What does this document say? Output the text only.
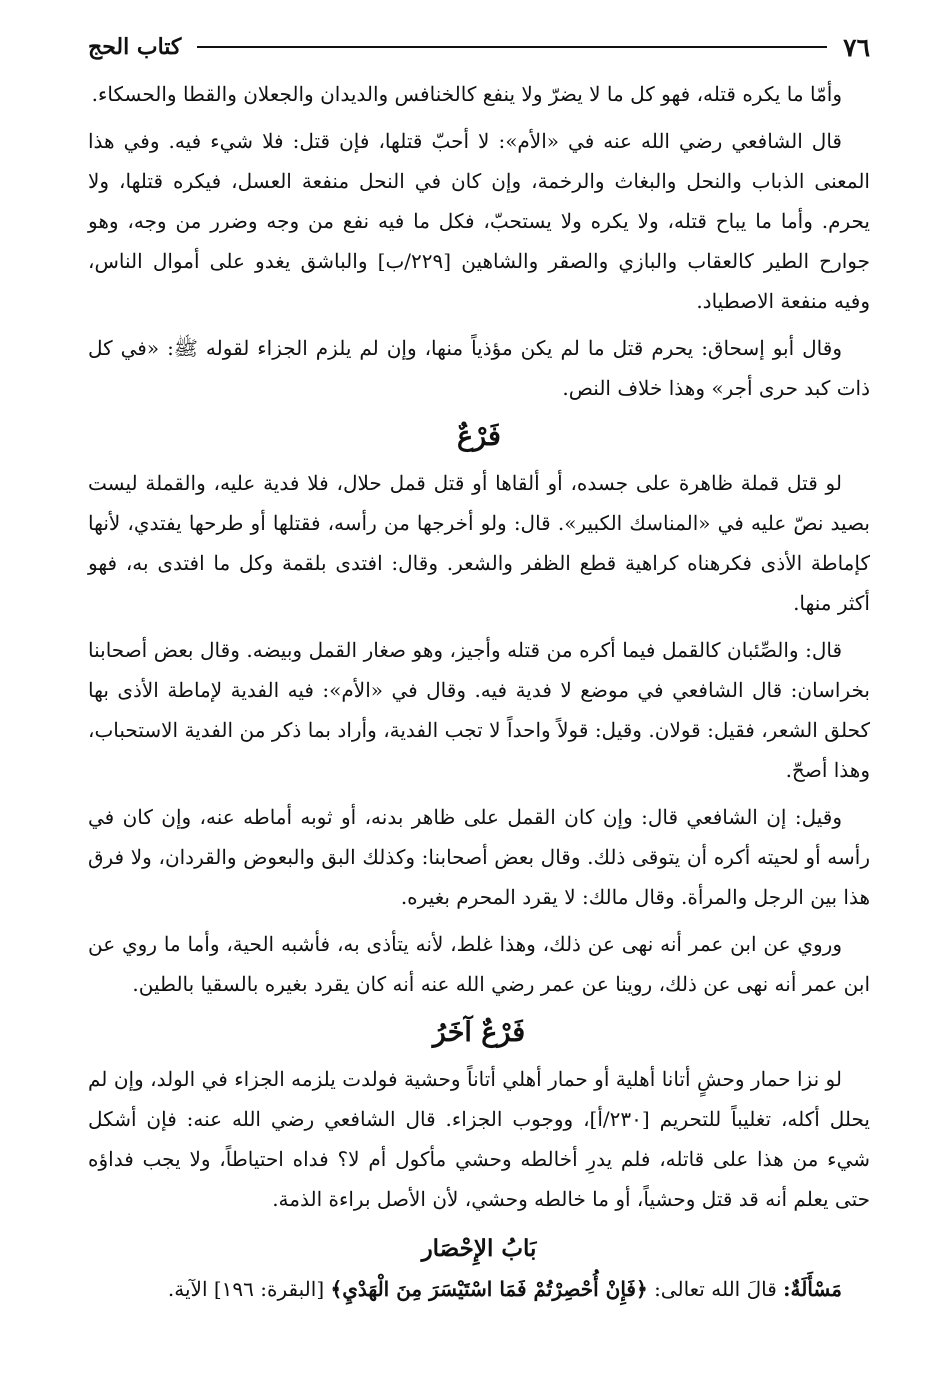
٧٦
كتاب الحج

وأمّا ما يكره قتله، فهو كل ما لا يضرّ ولا ينفع كالخنافس والديدان والجعلان والقطا والحسكاء.

قال الشافعي رضي الله عنه في «الأم»: لا أحبّ قتلها، فإن قتل: فلا شيء فيه. وفي هذا المعنى الذباب والنحل والبغاث والرخمة، وإن كان في النحل منفعة العسل، فيكره قتلها، ولا يحرم. وأما ما يباح قتله، ولا يكره ولا يستحبّ، فكل ما فيه نفع من وجه وضرر من وجه، وهو جوارح الطير كالعقاب والبازي والصقر والشاهين [٢٢٩/ب] والباشق يغدو على أموال الناس، وفيه منفعة الاصطياد.

وقال أبو إسحاق: يحرم قتل ما لم يكن مؤذياً منها، وإن لم يلزم الجزاء لقوله ﷺ: «في كل ذات كبد حرى أجر» وهذا خلاف النص.

فَرْعٌ

لو قتل قملة ظاهرة على جسده، أو ألقاها أو قتل قمل حلال، فلا فدية عليه، والقملة ليست بصيد نصّ عليه في «المناسك الكبير». قال: ولو أخرجها من رأسه، فقتلها أو طرحها يفتدي، لأنها كإماطة الأذى فكرهناه كراهية قطع الظفر والشعر. وقال: افتدى بلقمة وكل ما افتدى به، فهو أكثر منها.

قال: والصِّئبان كالقمل فيما أكره من قتله وأجيز، وهو صغار القمل وبيضه. وقال بعض أصحابنا بخراسان: قال الشافعي في موضع لا فدية فيه. وقال في «الأم»: فيه الفدية لإماطة الأذى بها كحلق الشعر، فقيل: قولان. وقيل: قولاً واحداً لا تجب الفدية، وأراد بما ذكر من الفدية الاستحباب، وهذا أصحّ.

وقيل: إن الشافعي قال: وإن كان القمل على ظاهر بدنه، أو ثوبه أماطه عنه، وإن كان في رأسه أو لحيته أكره أن يتوقى ذلك. وقال بعض أصحابنا: وكذلك البق والبعوض والقردان، ولا فرق هذا بين الرجل والمرأة. وقال مالك: لا يقرد المحرم بغيره.

وروي عن ابن عمر أنه نهى عن ذلك، وهذا غلط، لأنه يتأذى به، فأشبه الحية، وأما ما روي عن ابن عمر أنه نهى عن ذلك، روينا عن عمر رضي الله عنه أنه كان يقرد بغيره بالسقيا بالطين.

فَرْعٌ آخَرُ

لو نزا حمار وحشٍ أتانا أهلية أو حمار أهلي أتاناً وحشية فولدت يلزمه الجزاء في الولد، وإن لم يحلل أكله، تغليباً للتحريم [٢٣٠/أ]، ووجوب الجزاء. قال الشافعي رضي الله عنه: فإن أشكل شيء من هذا على قاتله، فلم يدرِ أخالطه وحشي مأكول أم لا؟ فداه احتياطاً، ولا يجب فداؤه حتى يعلم أنه قد قتل وحشياً، أو ما خالطه وحشي، لأن الأصل براءة الذمة.

بَابُ الإِحْصَار

مَسْأَلَةٌ: قالَ الله تعالى: ﴿فَإِنْ أُحْصِرْتُمْ فَمَا اسْتَيْسَرَ مِنَ الْهَدْيِ﴾ [البقرة: ١٩٦] الآية.
